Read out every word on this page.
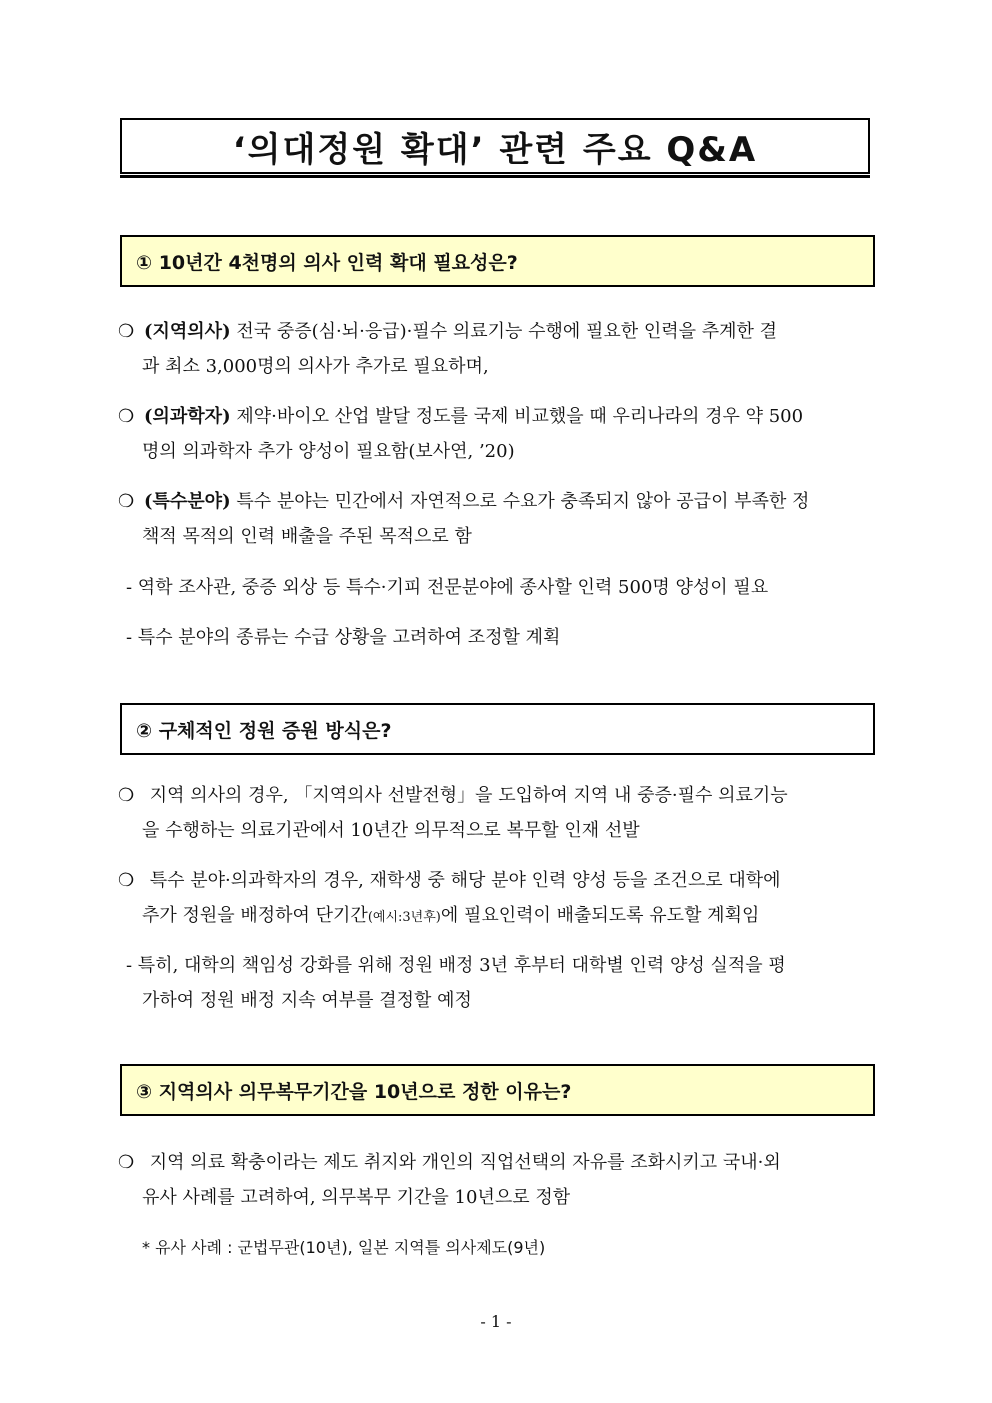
‘의대정원 확대’ 관련 주요 Q&A
① 10년간 4천명의 의사 인력 확대 필요성은?
❍ (지역의사) 전국 중증(심·뇌·응급)·필수 의료기능 수행에 필요한 인력을 추계한 결
과 최소 3,000명의 의사가 추가로 필요하며,
❍ (의과학자) 제약·바이오 산업 발달 정도를 국제 비교했을 때 우리나라의 경우 약 500
명의 의과학자 추가 양성이 필요함(보사연, ’20)
❍ (특수분야) 특수 분야는 민간에서 자연적으로 수요가 충족되지 않아 공급이 부족한 정
책적 목적의 인력 배출을 주된 목적으로 함
- 역학 조사관, 중증 외상 등 특수·기피 전문분야에 종사할 인력 500명 양성이 필요
- 특수 분야의 종류는 수급 상황을 고려하여 조정할 계획
② 구체적인 정원 증원 방식은?
❍ 지역 의사의 경우, 「지역의사 선발전형」을 도입하여 지역 내 중증·필수 의료기능
을 수행하는 의료기관에서 10년간 의무적으로 복무할 인재 선발
❍ 특수 분야·의과학자의 경우, 재학생 중 해당 분야 인력 양성 등을 조건으로 대학에
추가 정원을 배정하여 단기간(예시:3년후)에 필요인력이 배출되도록 유도할 계획임
- 특히, 대학의 책임성 강화를 위해 정원 배정 3년 후부터 대학별 인력 양성 실적을 평
가하여 정원 배정 지속 여부를 결정할 예정
③ 지역의사 의무복무기간을 10년으로 정한 이유는?
❍ 지역 의료 확충이라는 제도 취지와 개인의 직업선택의 자유를 조화시키고 국내·외
유사 사례를 고려하여, 의무복무 기간을 10년으로 정함
* 유사 사례 : 군법무관(10년), 일본 지역틀 의사제도(9년)
- 1 -
